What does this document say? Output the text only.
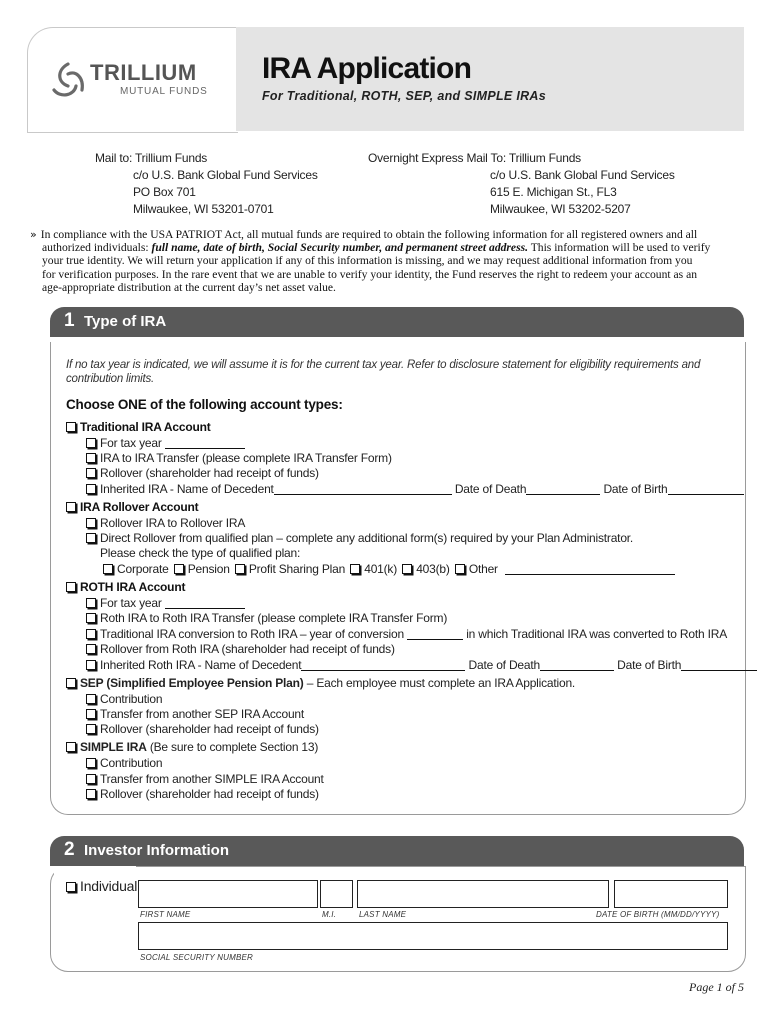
TRILLIUM
MUTUAL FUNDS
IRA Application
For Traditional, ROTH, SEP, and SIMPLE IRAs
Mail to: Trillium Funds
c/o U.S. Bank Global Fund Services
PO Box 701
Milwaukee, WI 53201-0701
Overnight Express Mail To: Trillium Funds
c/o U.S. Bank Global Fund Services
615 E. Michigan St., FL3
Milwaukee, WI 53202-5207
» In compliance with the USA PATRIOT Act, all mutual funds are required to obtain the following information for all registered owners and all
authorized individuals: full name, date of birth, Social Security number, and permanent street address. This information will be used to verify
your true identity. We will return your application if any of this information is missing, and we may request additional information from you
for verification purposes. In the rare event that we are unable to verify your identity, the Fund reserves the right to redeem your account as an
age-appropriate distribution at the current day’s net asset value.
1 Type of IRA
If no tax year is indicated, we will assume it is for the current tax year. Refer to disclosure statement for eligibility requirements and
contribution limits.
Choose ONE of the following account types:
Traditional IRA Account
For tax year
IRA to IRA Transfer (please complete IRA Transfer Form)
Rollover (shareholder had receipt of funds)
Inherited IRA - Name of Decedent	Date of Death	Date of Birth
IRA Rollover Account
Rollover IRA to Rollover IRA
Direct Rollover from qualified plan – complete any additional form(s) required by your Plan Administrator.
Please check the type of qualified plan:
Corporate Pension Profit Sharing Plan 401(k) 403(b) Other
ROTH IRA Account
For tax year
Roth IRA to Roth IRA Transfer (please complete IRA Transfer Form)
Traditional IRA conversion to Roth IRA – year of conversion	in which Traditional IRA was converted to Roth IRA
Rollover from Roth IRA (shareholder had receipt of funds)
Inherited Roth IRA - Name of Decedent	Date of Death	Date of Birth
SEP (Simplified Employee Pension Plan) – Each employee must complete an IRA Application.
Contribution
Transfer from another SEP IRA Account
Rollover (shareholder had receipt of funds)
SIMPLE IRA (Be sure to complete Section 13)
Contribution
Transfer from another SIMPLE IRA Account
Rollover (shareholder had receipt of funds)
2 Investor Information
Individual
FIRST NAME	M.I.	LAST NAME	DATE OF BIRTH (MM/DD/YYYY)
SOCIAL SECURITY NUMBER
Page 1 of 5
